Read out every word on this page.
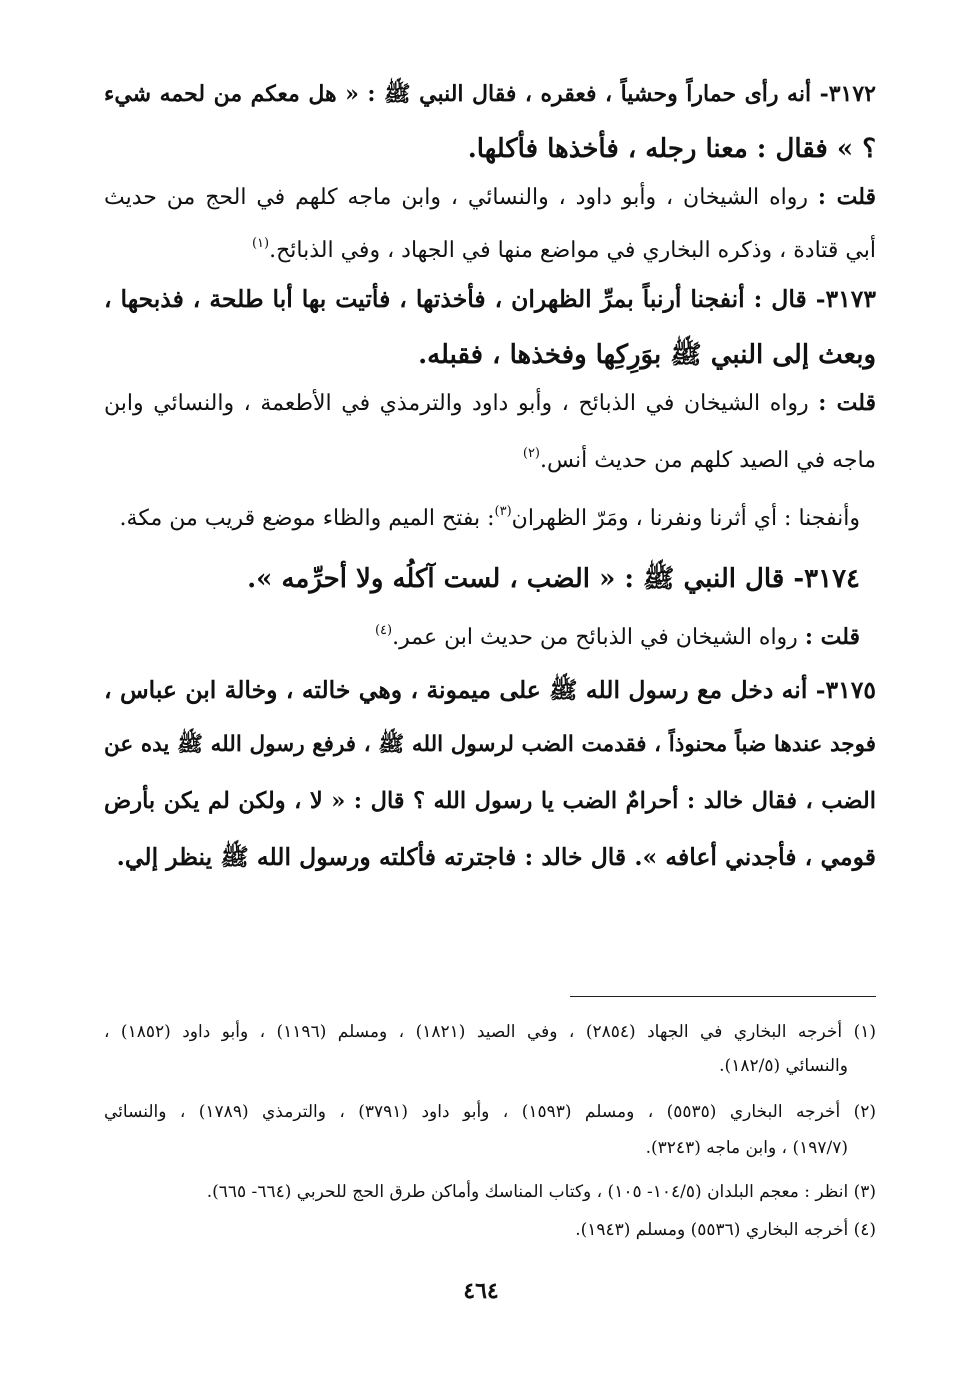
٣١٧٢- أنه رأى حماراً وحشياً ، فعقره ، فقال النبي ﷺ : « هل معكم من لحمه شيء
؟ » فقال : معنا رجله ، فأخذها فأكلها.
قلت : رواه الشيخان ، وأبو داود ، والنسائي ، وابن ماجه كلهم في الحج من حديث
أبي قتادة ، وذكره البخاري في مواضع منها في الجهاد ، وفي الذبائح.$^{(١)}$
٣١٧٣- قال : أنفجنا أرنباً بمرِّ الظهران ، فأخذتها ، فأتيت بها أبا طلحة ، فذبحها ،
وبعث إلى النبي ﷺ بوَرِكِها وفخذها ، فقبله.
قلت : رواه الشيخان في الذبائح ، وأبو داود والترمذي في الأطعمة ، والنسائي وابن
ماجه في الصيد كلهم من حديث أنس.$^{(٢)}$
وأنفجنا : أي أثرنا ونفرنا ، ومَرّ الظهران$^{(٣)}$: بفتح الميم والظاء موضع قريب من مكة.
٣١٧٤- قال النبي ﷺ : « الضب ، لست آكلُه ولا أحرِّمه ».
قلت : رواه الشيخان في الذبائح من حديث ابن عمر.$^{(٤)}$
٣١٧٥- أنه دخل مع رسول الله ﷺ على ميمونة ، وهي خالته ، وخالة ابن عباس ،
فوجد عندها ضباً محنوذاً ، فقدمت الضب لرسول الله ﷺ ، فرفع رسول الله ﷺ يده عن
الضب ، فقال خالد : أحرامٌ الضب يا رسول الله ؟ قال : « لا ، ولكن لم يكن بأرض
قومي ، فأجدني أعافه ». قال خالد : فاجترته فأكلته ورسول الله ﷺ ينظر إلي.
(١) أخرجه البخاري في الجهاد (٢٨٥٤) ، وفي الصيد (١٨٢١) ، ومسلم (١١٩٦) ، وأبو داود (١٨٥٢) ،
والنسائي (١٨٢/٥).
(٢) أخرجه البخاري (٥٥٣٥) ، ومسلم (١٥٩٣) ، وأبو داود (٣٧٩١) ، والترمذي (١٧٨٩) ، والنسائي
(١٩٧/٧) ، وابن ماجه (٣٢٤٣).
(٣) انظر : معجم البلدان (١٠٤/٥- ١٠٥) ، وكتاب المناسك وأماكن طرق الحج للحربي (٦٦٤- ٦٦٥).
(٤) أخرجه البخاري (٥٥٣٦) ومسلم (١٩٤٣).
٤٦٤
